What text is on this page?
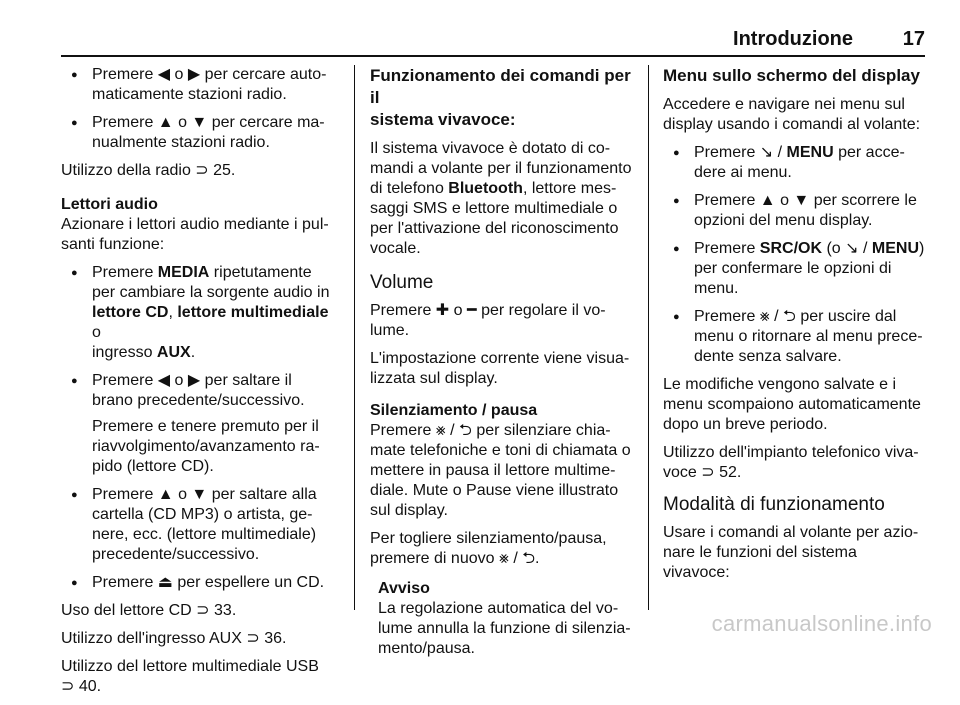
Introduzione 17
● Premere ◀ o ▶ per cercare auto-
maticamente stazioni radio.
● Premere ▲ o ▼ per cercare ma-
nualmente stazioni radio.

Utilizzo della radio ⊃ 25.

Lettori audio

Azionare i lettori audio mediante i pul-
santi funzione:

● Premere MEDIA ripetutamente
per cambiare la sorgente audio in
lettore CD, lettore multimediale o
ingresso AUX.
● Premere ◀ o ▶ per saltare il
brano precedente/successivo.
Premere e tenere premuto per il
riavvolgimento/avanzamento ra-
pido (lettore CD).
● Premere ▲ o ▼ per saltare alla
cartella (CD MP3) o artista, ge-
nere, ecc. (lettore multimediale)
precedente/successivo.
● Premere ⏏ per espellere un CD.

Uso del lettore CD ⊃ 33.

Utilizzo dell'ingresso AUX ⊃ 36.

Utilizzo del lettore multimediale USB
⊃ 40.

Funzionamento dei comandi per il
sistema vivavoce:

Il sistema vivavoce è dotato di co-
mandi a volante per il funzionamento
di telefono Bluetooth, lettore mes-
saggi SMS e lettore multimediale o
per l'attivazione del riconoscimento
vocale.

Volume

Premere ✚ o ━ per regolare il vo-
lume.

L'impostazione corrente viene visua-
lizzata sul display.

Silenziamento / pausa

Premere ⨳ / ⮌ per silenziare chia-
mate telefoniche e toni di chiamata o
mettere in pausa il lettore multime-
diale. Mute o Pause viene illustrato
sul display.

Per togliere silenziamento/pausa,
premere di nuovo ⨳ / ⮌.

Avviso
La regolazione automatica del vo-
lume annulla la funzione di silenzia-
mento/pausa.
Menu sullo schermo del display

Accedere e navigare nei menu sul
display usando i comandi al volante:

● Premere ↘ / MENU per acce-
dere ai menu.
● Premere ▲ o ▼ per scorrere le
opzioni del menu display.
● Premere SRC/OK (o ↘ / MENU)
per confermare le opzioni di
menu.
● Premere ⨳ / ⮌ per uscire dal
menu o ritornare al menu prece-
dente senza salvare.

Le modifiche vengono salvate e i
menu scompaiono automaticamente
dopo un breve periodo.

Utilizzo dell'impianto telefonico viva-
voce ⊃ 52.

Modalità di funzionamento

Usare i comandi al volante per azio-
nare le funzioni del sistema vivavoce:

carmanualsonline.info
